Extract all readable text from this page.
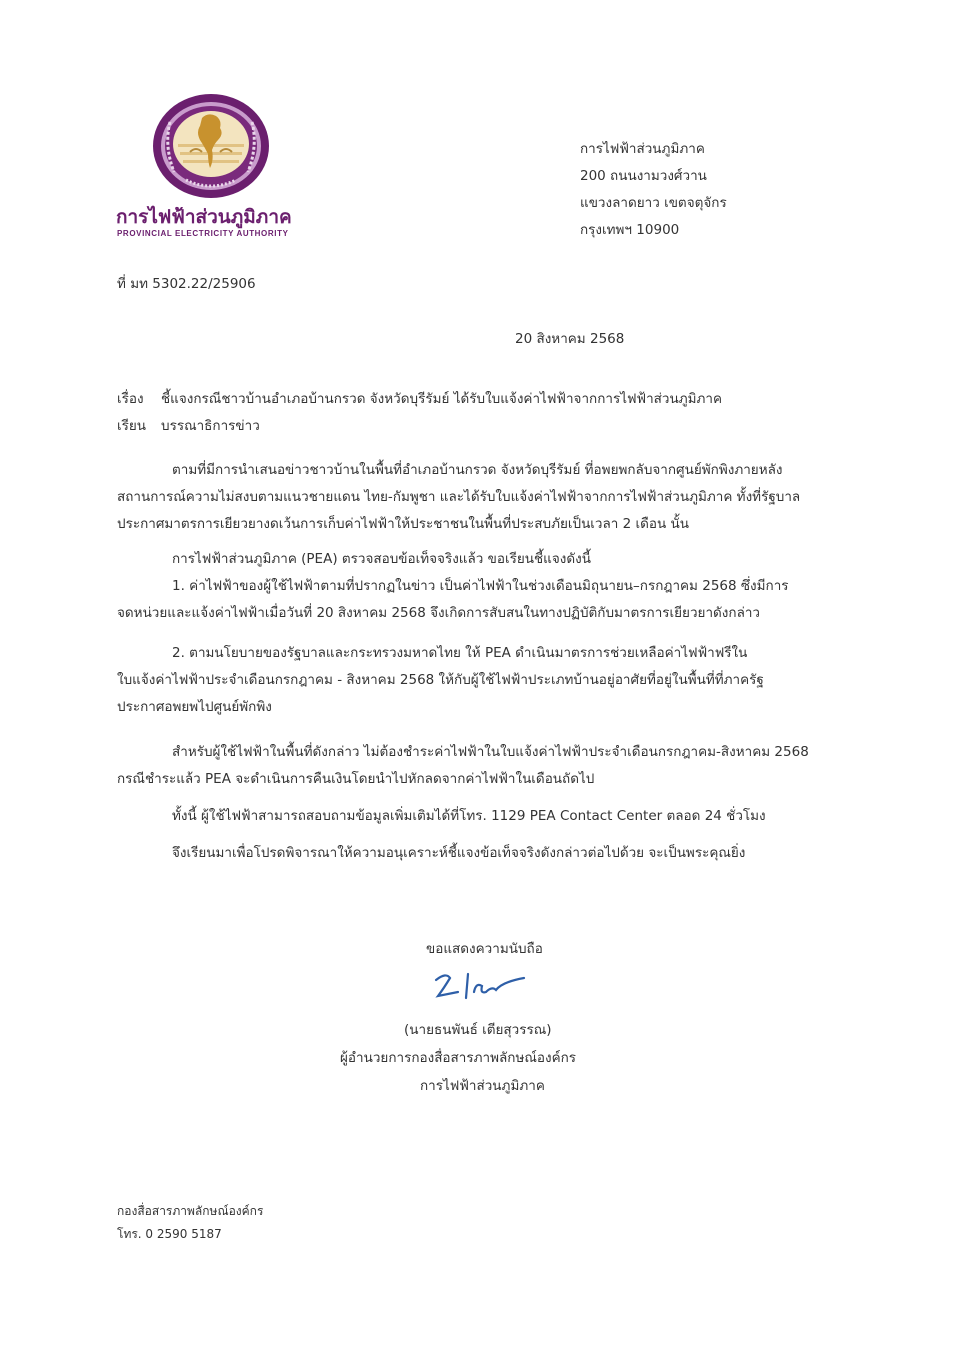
การไฟฟ้าส่วนภูมิภาค
PROVINCIAL ELECTRICITY AUTHORITY
การไฟฟ้าส่วนภูมิภาค
200 ถนนงามวงศ์วาน
แขวงลาดยาว เขตจตุจักร
กรุงเทพฯ 10900
ที่ มท 5302.22/25906
20 สิงหาคม 2568
เรื่อง ชี้แจงกรณีชาวบ้านอำเภอบ้านกรวด จังหวัดบุรีรัมย์ ได้รับใบแจ้งค่าไฟฟ้าจากการไฟฟ้าส่วนภูมิภาค
เรียน บรรณาธิการข่าว
ตามที่มีการนำเสนอข่าวชาวบ้านในพื้นที่อำเภอบ้านกรวด จังหวัดบุรีรัมย์ ที่อพยพกลับจากศูนย์พักพิงภายหลัง
สถานการณ์ความไม่สงบตามแนวชายแดน ไทย-กัมพูชา และได้รับใบแจ้งค่าไฟฟ้าจากการไฟฟ้าส่วนภูมิภาค ทั้งที่รัฐบาล
ประกาศมาตรการเยียวยางดเว้นการเก็บค่าไฟฟ้าให้ประชาชนในพื้นที่ประสบภัยเป็นเวลา 2 เดือน นั้น
การไฟฟ้าส่วนภูมิภาค (PEA) ตรวจสอบข้อเท็จจริงแล้ว ขอเรียนชี้แจงดังนี้
1. ค่าไฟฟ้าของผู้ใช้ไฟฟ้าตามที่ปรากฏในข่าว เป็นค่าไฟฟ้าในช่วงเดือนมิถุนายน–กรกฎาคม 2568 ซึ่งมีการ
จดหน่วยและแจ้งค่าไฟฟ้าเมื่อวันที่ 20 สิงหาคม 2568 จึงเกิดการสับสนในทางปฏิบัติกับมาตรการเยียวยาดังกล่าว
2. ตามนโยบายของรัฐบาลและกระทรวงมหาดไทย ให้ PEA ดำเนินมาตรการช่วยเหลือค่าไฟฟ้าฟรีใน
ใบแจ้งค่าไฟฟ้าประจำเดือนกรกฎาคม - สิงหาคม 2568 ให้กับผู้ใช้ไฟฟ้าประเภทบ้านอยู่อาศัยที่อยู่ในพื้นที่ที่ภาครัฐ
ประกาศอพยพไปศูนย์พักพิง
สำหรับผู้ใช้ไฟฟ้าในพื้นที่ดังกล่าว ไม่ต้องชำระค่าไฟฟ้าในใบแจ้งค่าไฟฟ้าประจำเดือนกรกฎาคม-สิงหาคม 2568
กรณีชำระแล้ว PEA จะดำเนินการคืนเงินโดยนำไปหักลดจากค่าไฟฟ้าในเดือนถัดไป
ทั้งนี้ ผู้ใช้ไฟฟ้าสามารถสอบถามข้อมูลเพิ่มเติมได้ที่โทร. 1129 PEA Contact Center ตลอด 24 ชั่วโมง
จึงเรียนมาเพื่อโปรดพิจารณาให้ความอนุเคราะห์ชี้แจงข้อเท็จจริงดังกล่าวต่อไปด้วย จะเป็นพระคุณยิ่ง
ขอแสดงความนับถือ
(นายธนพันธ์ เตียสุวรรณ)
ผู้อำนวยการกองสื่อสารภาพลักษณ์องค์กร
การไฟฟ้าส่วนภูมิภาค
กองสื่อสารภาพลักษณ์องค์กร
โทร. 0 2590 5187
